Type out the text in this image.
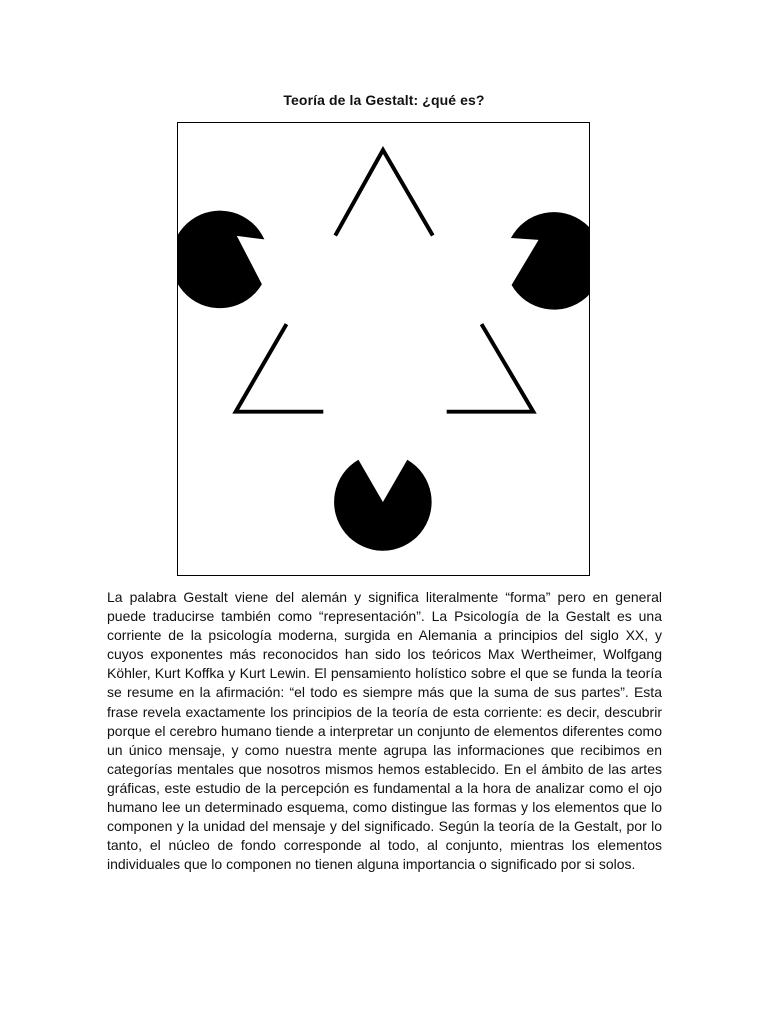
Teoría de la Gestalt: ¿qué es?

La palabra Gestalt viene del alemán y significa literalmente “forma” pero en general puede traducirse también como “representación”. La Psicología de la Gestalt es una corriente de la psicología moderna, surgida en Alemania a principios del siglo XX, y cuyos exponentes más reconocidos han sido los teóricos Max Wertheimer, Wolfgang Köhler, Kurt Koffka y Kurt Lewin. El pensamiento holístico sobre el que se funda la teoría se resume en la afirmación: “el todo es siempre más que la suma de sus partes”. Esta frase revela exactamente los principios de la teoría de esta corriente: es decir, descubrir porque el cerebro humano tiende a interpretar un conjunto de elementos diferentes como un único mensaje, y como nuestra mente agrupa las informaciones que recibimos en categorías mentales que nosotros mismos hemos establecido. En el ámbito de las artes gráficas, este estudio de la percepción es fundamental a la hora de analizar como el ojo humano lee un determinado esquema, como distingue las formas y los elementos que lo componen y la unidad del mensaje y del significado. Según la teoría de la Gestalt, por lo tanto, el núcleo de fondo corresponde al todo, al conjunto, mientras los elementos individuales que lo componen no tienen alguna importancia o significado por si solos.
